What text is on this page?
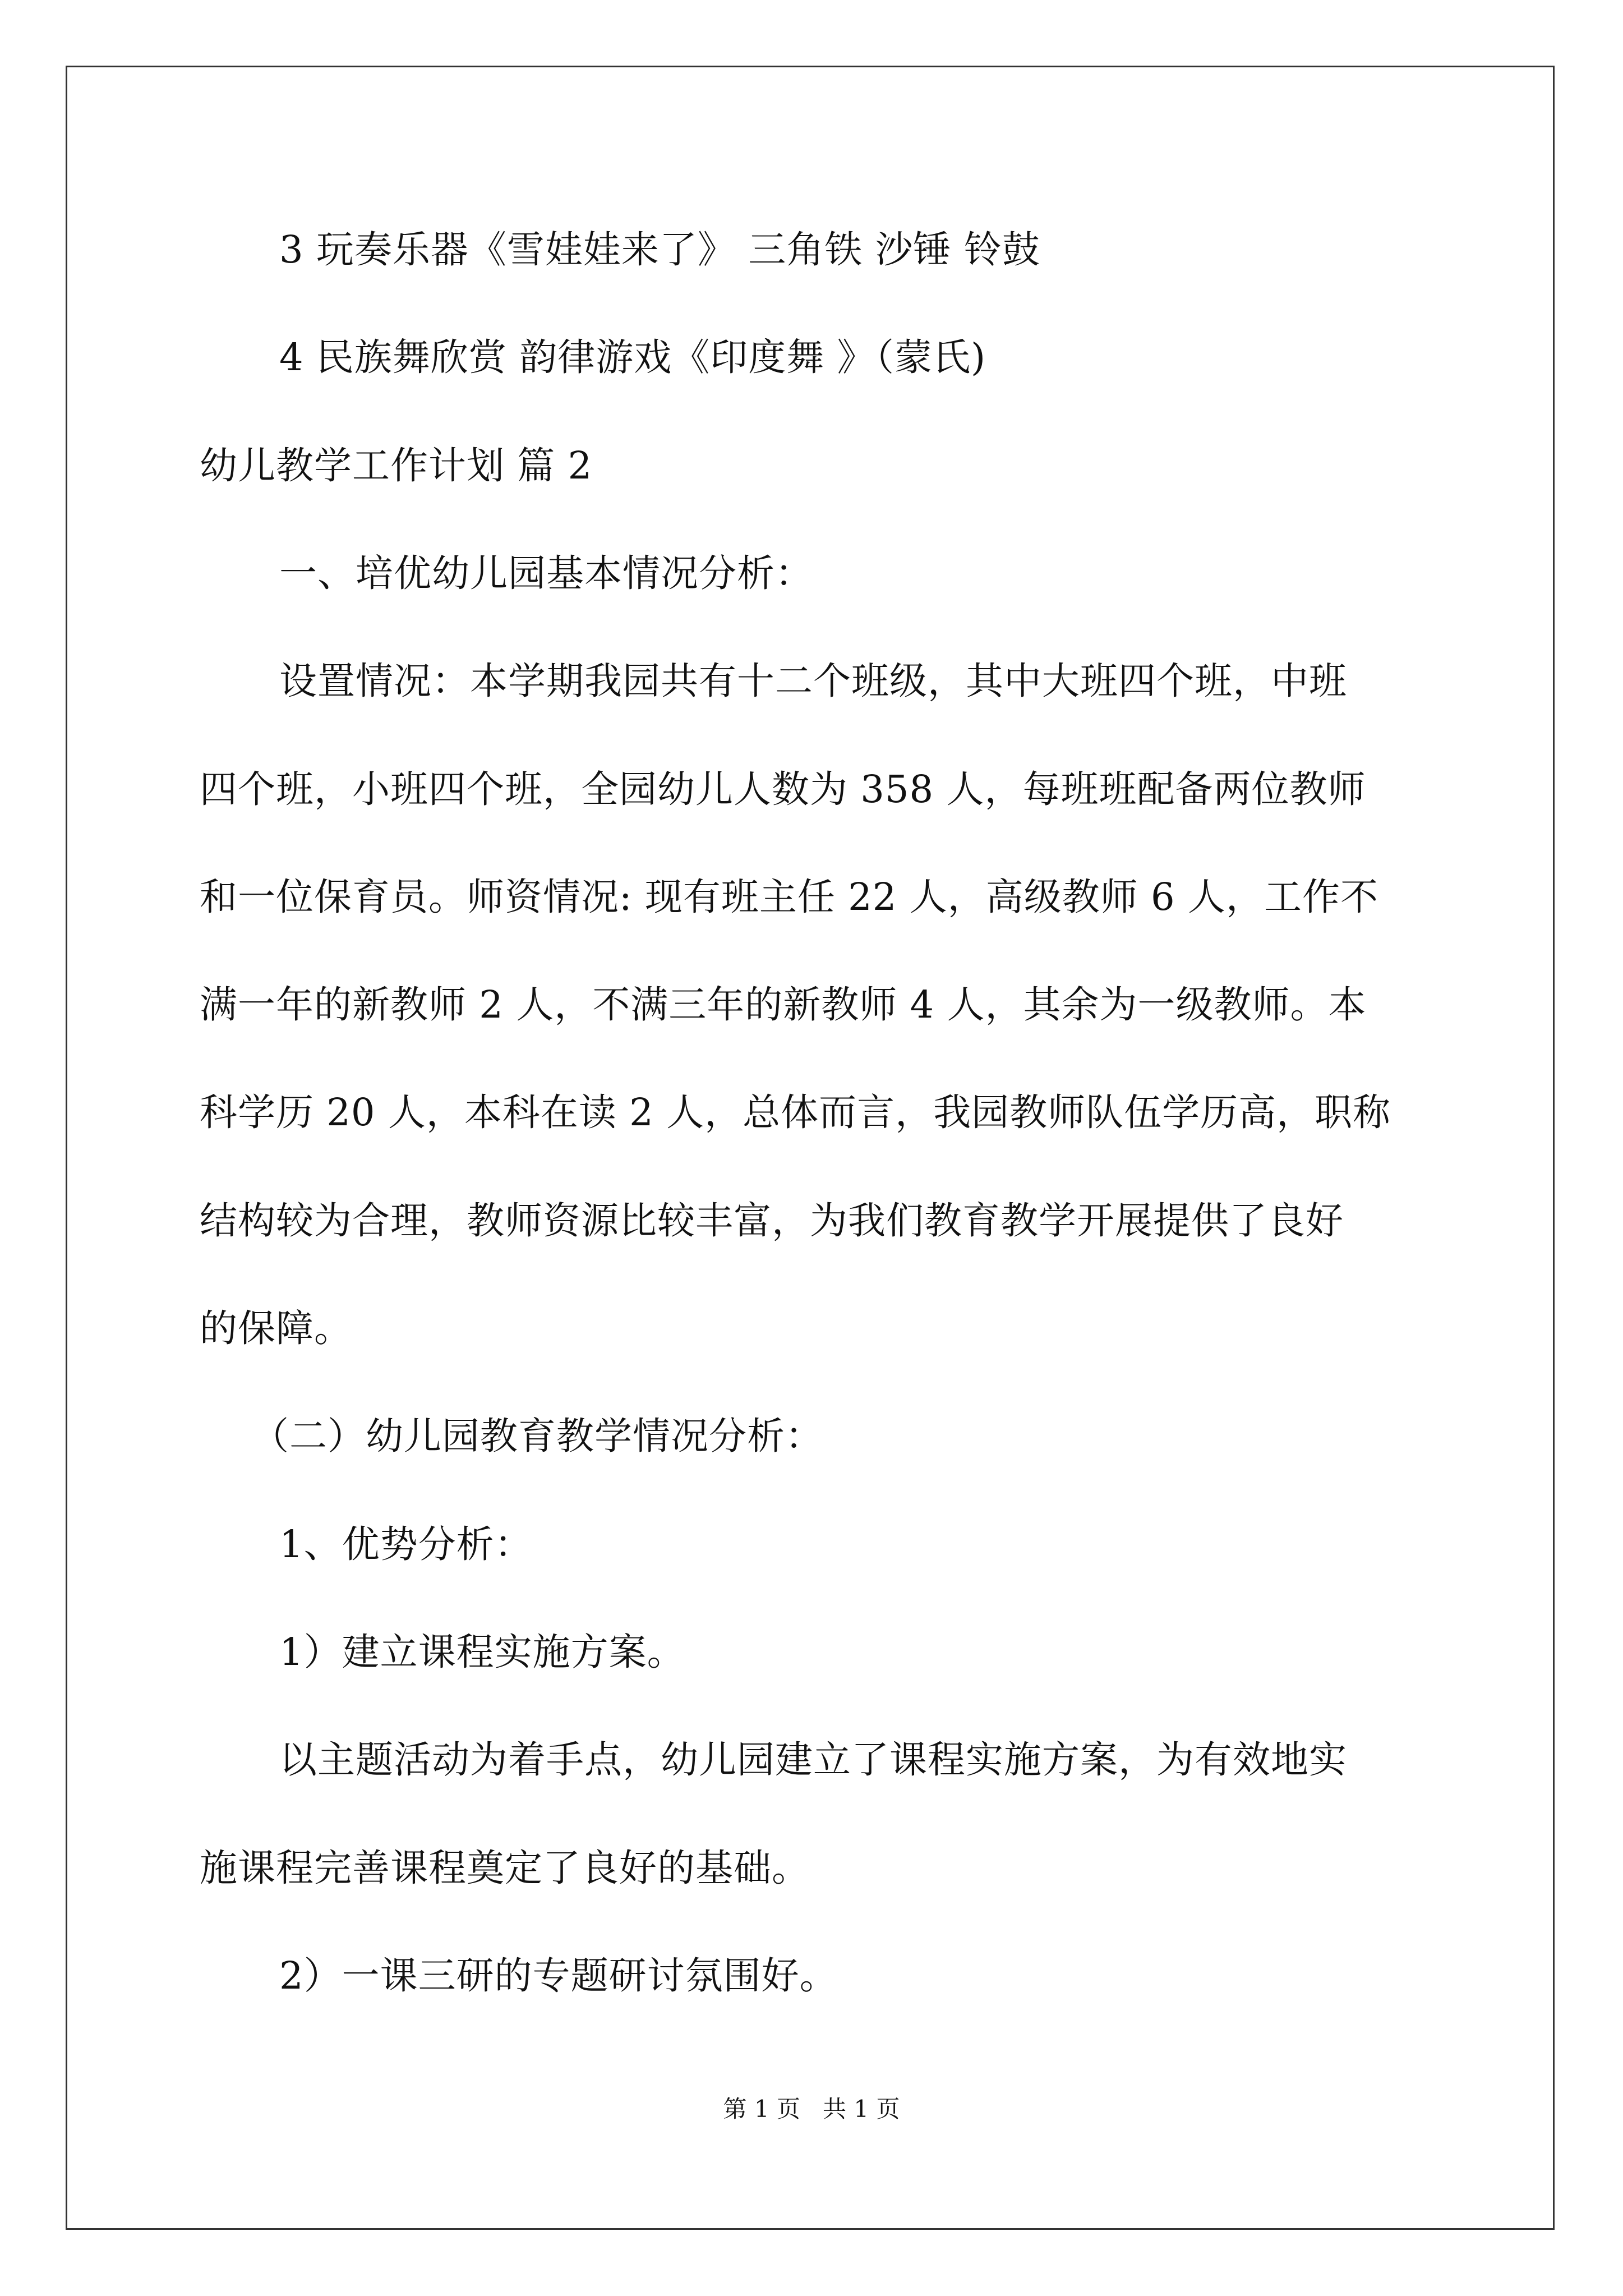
3 玩奏乐器《雪娃娃来了》 三角铁 沙锤 铃鼓
4 民族舞欣赏 韵律游戏《印度舞 》（蒙氏)
幼儿教学工作计划 篇 2
一、培优幼儿园基本情况分析：
设置情况：本学期我园共有十二个班级，其中大班四个班，中班
四个班，小班四个班，全园幼儿人数为 358 人，每班班配备两位教师
和一位保育员。师资情况: 现有班主任 22 人，高级教师 6 人，工作不
满一年的新教师 2 人，不满三年的新教师 4 人，其余为一级教师。本
科学历 20 人，本科在读 2 人，总体而言，我园教师队伍学历高，职称
结构较为合理，教师资源比较丰富，为我们教育教学开展提供了良好
的保障。
（二）幼儿园教育教学情况分析：
1、优势分析：
1）建立课程实施方案。
以主题活动为着手点，幼儿园建立了课程实施方案，为有效地实
施课程完善课程奠定了良好的基础。
2）一课三研的专题研讨氛围好。
第 1 页   共 1 页
